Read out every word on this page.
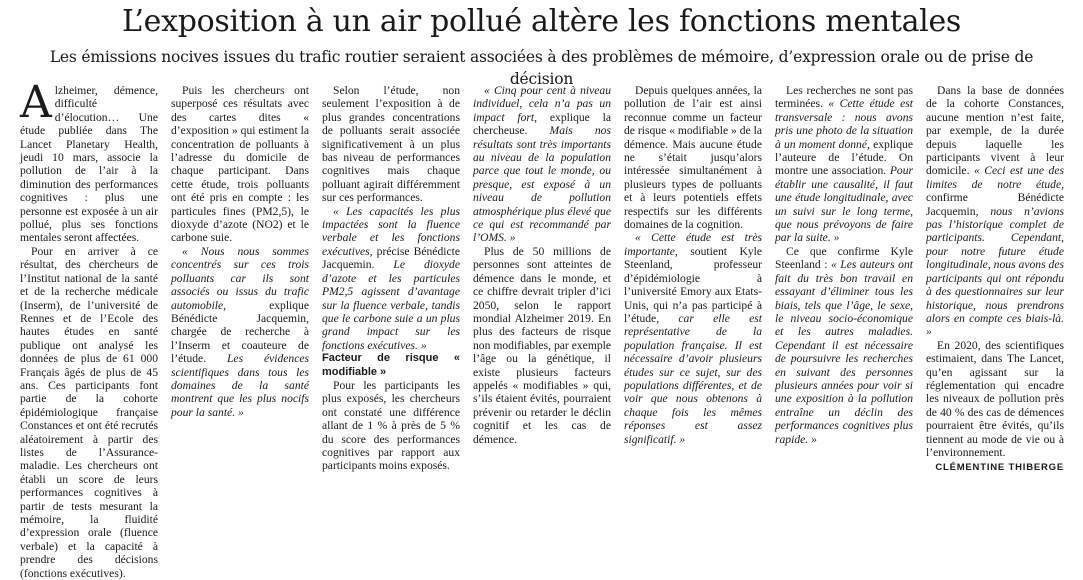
L’exposition à un air pollué altère les fonctions mentales
Les émissions nocives issues du trafic routier seraient associées à des problèmes de mémoire, d’expression orale ou de prise de décision

Alzheimer, démence, difficulté d’élocution… Une étude publiée dans The Lancet Planetary Health, jeudi 10 mars, associe la pollution de l’air à la diminution des performances cognitives : plus une personne est exposée à un air pollué, plus ses fonctions mentales seront affectées.

Pour en arriver à ce résultat, des chercheurs de l’Institut national de la santé et de la recherche médicale (Inserm), de l’université de Rennes et de l’Ecole des hautes études en santé publique ont analysé les données de plus de 61 000 Français âgés de plus de 45 ans. Ces participants font partie de la cohorte épidémiologique française Constances et ont été recrutés aléatoirement à partir des listes de l’Assurance-maladie. Les chercheurs ont établi un score de leurs performances cognitives à partir de tests mesurant la mémoire, la fluidité d’expression orale (fluence verbale) et la capacité à prendre des décisions (fonctions exécutives).

Puis les chercheurs ont superposé ces résultats avec des cartes dites « d’exposition » qui estiment la concentration de polluants à l’adresse du domicile de chaque participant. Dans cette étude, trois polluants ont été pris en compte : les particules fines (PM2,5), le dioxyde d’azote (NO2) et le carbone suie.

« Nous nous sommes concentrés sur ces trois polluants car ils sont associés ou issus du trafic automobile,	explique Bénédicte Jacquemin, chargée de recherche à l’Inserm et coauteure de l’étude. Les évidences scientifiques dans tous les domaines de la santé montrent que les plus nocifs pour la santé. »

Selon l’étude, non seulement l’exposition à de plus grandes concentrations de polluants serait associée significativement à un plus bas niveau de performances cognitives mais chaque polluant agirait différemment sur ces performances.

« Les capacités les plus impactées sont la fluence verbale et les fonctions exécutives, précise Bénédicte Jacquemin. Le dioxyde d’azote et les particules PM2,5 agissent d’avantage sur la fluence verbale, tandis que le carbone suie a un plus grand impact sur les fonctions exécutives. »

Facteur de risque « modifiable »

Pour les participants les plus exposés, les chercheurs ont constaté une différence allant de 1 % à près de 5 % du score des performances cognitives par rapport aux participants moins exposés.

« Cinq pour cent à niveau individuel, cela n’a pas un impact fort, explique la chercheuse. Mais nos résultats sont très importants au niveau de la population parce que tout le monde, ou presque, est exposé à un niveau de pollution atmosphérique plus élevé que ce qui est recommandé par l’OMS. »

Plus de 50 millions de personnes sont atteintes de démence dans le monde, et ce chiffre devrait tripler d’ici 2050, selon le rapport mondial Alzheimer 2019. En plus des facteurs de risque non modifiables, par exemple l’âge ou la génétique, il existe plusieurs facteurs appelés « modifiables » qui, s’ils étaient évités, pourraient prévenir ou retarder le déclin cognitif et les cas de démence.

Depuis quelques années, la pollution de l’air est ainsi reconnue comme un facteur de risque « modifiable » de la démence. Mais aucune étude ne s’était jusqu’alors intéressée simultanément à plusieurs types de polluants et à leurs potentiels effets respectifs sur les différents domaines de la cognition.

« Cette étude est très importante, soutient Kyle Steenland, professeur d’épidémiologie à l’université Emory aux Etats-Unis, qui n’a pas participé à l’étude, car elle est représentative de la population française. Il est nécessaire d’avoir plusieurs études sur ce sujet, sur des populations différentes, et de voir que nous obtenons à chaque fois les mêmes réponses est assez significatif. »

Les recherches ne sont pas terminées. « Cette étude est transversale : nous avons pris une photo de la situation à un moment donné, explique l’auteure de l’étude. On montre une association. Pour établir une causalité, il faut une étude longitudinale, avec un suivi sur le long terme, que nous prévoyons de faire par la suite. »

Ce que confirme Kyle Steenland : « Les auteurs ont fait du très bon travail en essayant d’éliminer tous les biais, tels que l’âge, le sexe, le niveau socio-économique et les autres maladies. Cependant il est nécessaire de poursuivre les recherches en suivant des personnes plusieurs années pour voir si une exposition à la pollution entraîne un déclin des performances cognitives plus rapide. »

Dans la base de données de la cohorte Constances, aucune mention n’est faite, par exemple, de la durée depuis laquelle les participants vivent à leur domicile. « Ceci est une des limites de notre étude, confirme Bénédicte Jacquemin, nous n’avions pas l’historique complet de participants. Cependant, pour notre future étude longitudinale, nous avons des participants qui ont répondu à des questionnaires sur leur historique, nous prendrons alors en compte ces biais-là. »

En 2020, des scientifiques estimaient, dans The Lancet, qu’en agissant sur la réglementation qui encadre les niveaux de pollution près de 40 % des cas de démences pourraient être évités, qu’ils tiennent au mode de vie ou à l’environnement.

CLÉMENTINE THIBERGE
